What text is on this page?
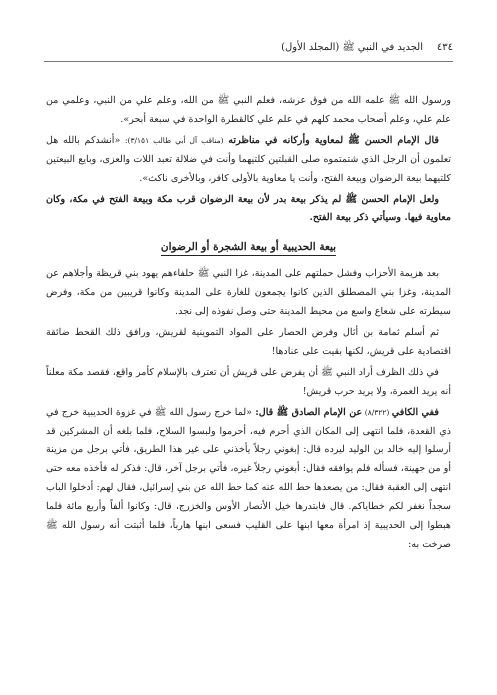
٤٣٤
الجديد في النبي ﷺ (المجلد الأول)

ورسول الله ﷺ علمه الله من فوق عرشه، فعلم النبي ﷺ من الله، وعلم علي من النبي، وعلمي من علم علي، وعلم أصحاب محمد كلهم في علم علي كالقطرة الواحدة في سبعة أبحر».

قال الإمام الحسن ﷺ لمعاوية وأركانه في مناظرته (مناقب آل أبي طالب ٣/١٥١): «أنشدكم بالله هل تعلمون أن الرجل الذي شتمتموه صلى القبلتين كلتيهما وأنت في ضلالة تعبد اللات والعزى، وبايع البيعتين كلتيهما بيعة الرضوان وبيعة الفتح، وأنت يا معاوية بالأولى كافر، وبالأخرى ناكث».

ولعل الإمام الحسن ﷺ لم يذكر بيعة بدر لأن بيعة الرضوان قرب مكة وبيعة الفتح في مكة، وكان معاوية فيها. وسيأتي ذكر بيعة الفتح.

بيعة الحديبية أو بيعة الشجرة أو الرضوان

بعد هزيمة الأحزاب وفشل حملتهم على المدينة، غزا النبي ﷺ حلفاءهم يهود بني قريظة وأجلاهم عن المدينة، وغزا بني المصطلق الذين كانوا يجمعون للغارة على المدينة وكانوا قريبين من مكة، وفرض سيطرته على شعاع واسع من محيط المدينة حتى وصل نفوذه إلى نجد.

ثم أسلم ثمامة بن أثال وفرض الحصار على المواد التموينية لقريش، ورافق ذلك القحط ضائقة اقتصادية على قريش، لكنها بقيت على عنادها!

في ذلك الظرف أراد النبي ﷺ أن يفرض على قريش أن تعترف بالإسلام كأمر واقع، فقصد مكة معلناً أنه يريد العمرة، ولا يريد حرب قريش!

ففي الكافي (٨/٣٢٢) عن الإمام الصادق ﷺ قال: «لما خرج رسول الله ﷺ في غزوة الحديبية خرج في ذي القعدة، فلما انتهى إلى المكان الذي أحرم فيه، أحرموا ولبسوا السلاح، فلما بلغه أن المشركين قد أرسلوا إليه خالد بن الوليد ليرده قال: إبغوني رجلاً يأخذني على غير هذا الطريق، فأتي برجل من مزينة أو من جهينة، فسأله فلم يوافقه فقال: أبغوني رجلاً غيره، فأتي برجل آخر، قال: فذكر له فأخذه معه حتى انتهى إلى العقبة فقال: من يصعدها حط الله عنه كما حط الله عن بني إسرائيل، فقال لهم: أدخلوا الباب سجداً نغفر لكم خطاياكم. قال فابتدرها خيل الأنصار الأوس والخزرج، قال: وكانوا ألفاً وأربع مائة فلما هبطوا إلى الحديبية إذ امرأة معها ابنها على القليب فسعى ابنها هارباً، فلما أثبتت أنه رسول الله ﷺ صرخت به:
